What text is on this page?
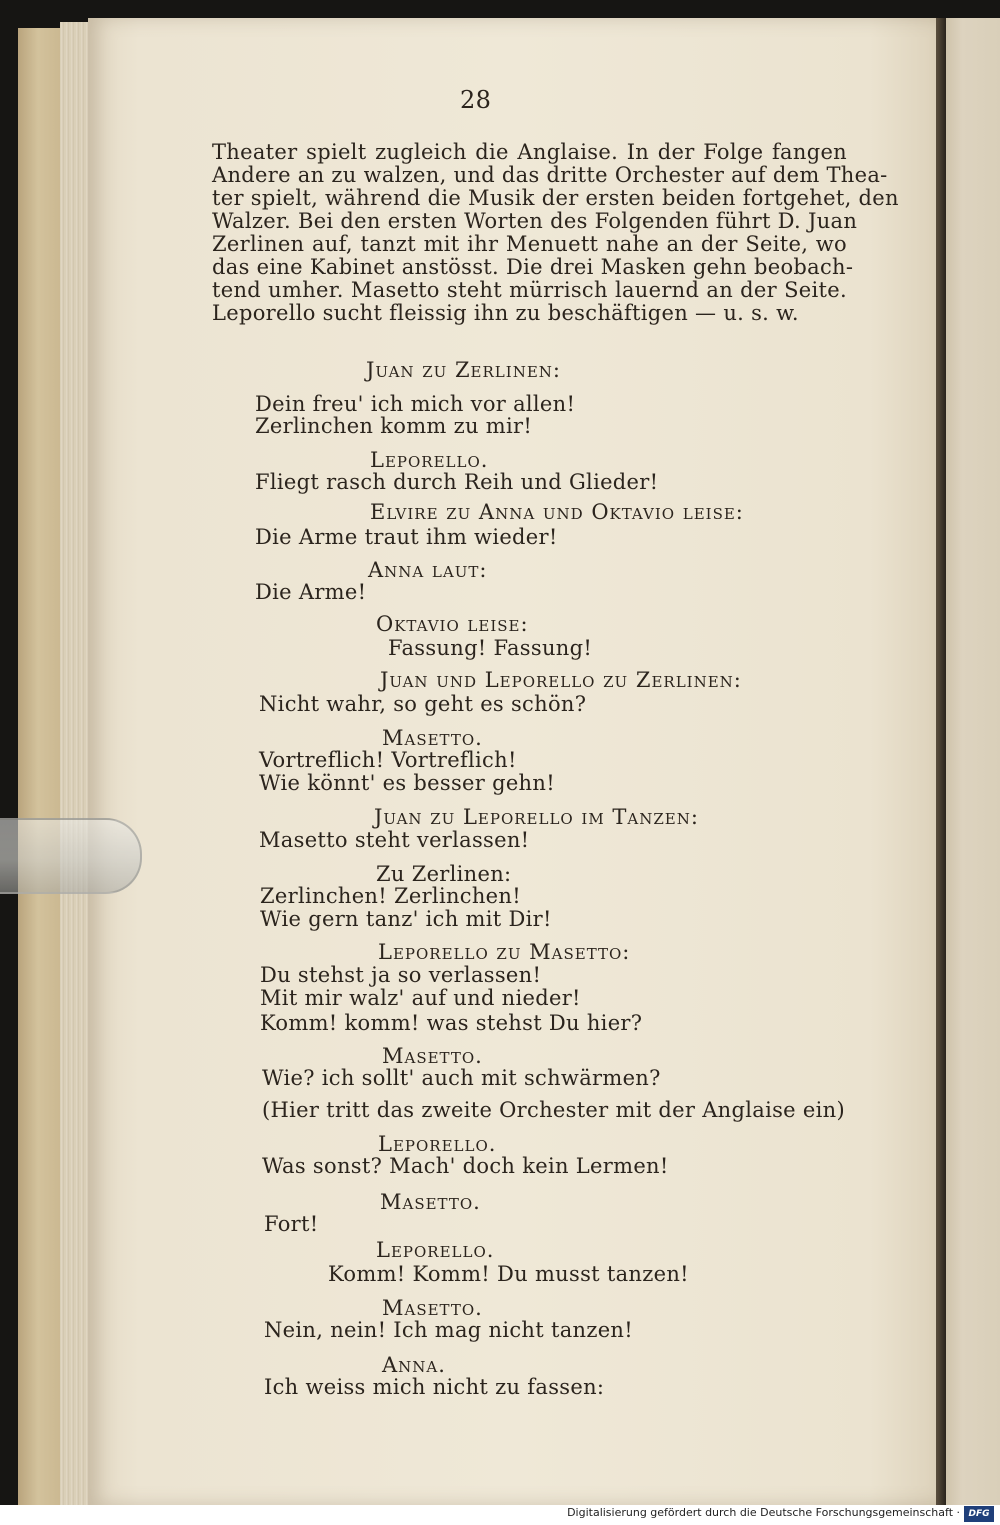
28
Theater spielt zugleich die Anglaise. In der Folge fangen
Andere an zu walzen, und das dritte Orchester auf dem Thea-
ter spielt, während die Musik der ersten beiden fortgehet, den
Walzer. Bei den ersten Worten des Folgenden führt D. Juan
Zerlinen auf, tanzt mit ihr Menuett nahe an der Seite, wo
das eine Kabinet anstösst. Die drei Masken gehn beobach-
tend umher. Masetto steht mürrisch lauernd an der Seite.
Leporello sucht fleissig ihn zu beschäftigen — u. s. w.
Juan zu Zerlinen:
Dein freu' ich mich vor allen!
Zerlinchen komm zu mir!
Leporello.
Fliegt rasch durch Reih und Glieder!
Elvire zu Anna und Oktavio leise:
Die Arme traut ihm wieder!
Anna laut:
Die Arme!
Oktavio leise:
Fassung! Fassung!
Juan und Leporello zu Zerlinen:
Nicht wahr, so geht es schön?
Masetto.
Vortreflich! Vortreflich!
Wie könnt' es besser gehn!
Juan zu Leporello im Tanzen:
Masetto steht verlassen!
Zu Zerlinen:
Zerlinchen! Zerlinchen!
Wie gern tanz' ich mit Dir!
Leporello zu Masetto:
Du stehst ja so verlassen!
Mit mir walz' auf und nieder!
Komm! komm! was stehst Du hier?
Masetto.
Wie? ich sollt' auch mit schwärmen?
(Hier tritt das zweite Orchester mit der Anglaise ein)
Leporello.
Was sonst? Mach' doch kein Lermen!
Masetto.
Fort!
Leporello.
Komm! Komm! Du musst tanzen!
Masetto.
Nein, nein! Ich mag nicht tanzen!
Anna.
Ich weiss mich nicht zu fassen:
Digitalisierung gefördert durch die Deutsche Forschungsgemeinschaft · DFG
